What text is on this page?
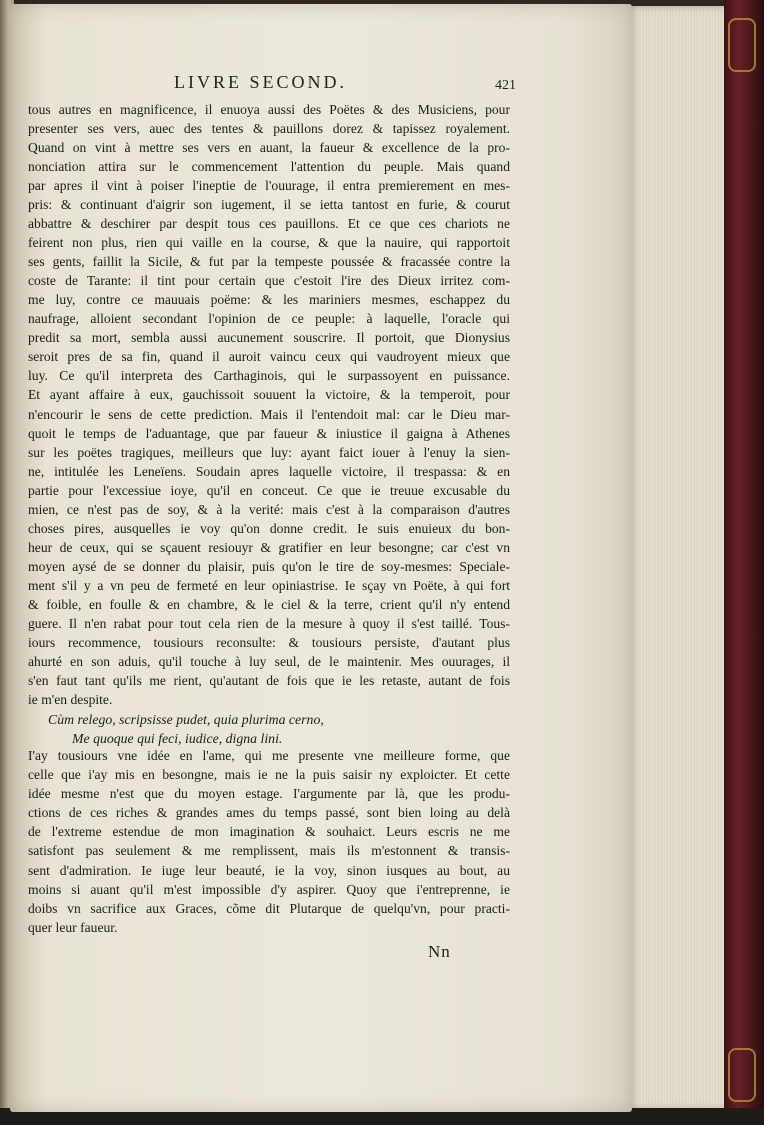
LIVRE SECOND.	421
tous autres en magnificence, il enuoya aussi des Poëtes & des Musiciens, pour
presenter ses vers, auec des tentes & pauillons dorez & tapissez royalement.
Quand on vint à mettre ses vers en auant, la faueur & excellence de la pro-
nonciation attira sur le commencement l'attention du peuple. Mais quand
par apres il vint à poiser l'ineptie de l'ouurage, il entra premierement en mes-
pris: & continuant d'aigrir son iugement, il se ietta tantost en furie, & courut
abbattre & deschirer par despit tous ces pauillons. Et ce que ces chariots ne
feirent non plus, rien qui vaille en la course, & que la nauire, qui rapportoit
ses gents, faillit la Sicile, & fut par la tempeste poussée & fracassée contre la
coste de Tarante: il tint pour certain que c'estoit l'ire des Dieux irritez com-
me luy, contre ce mauuais poëme: & les mariniers mesmes, eschappez du
naufrage, alloient secondant l'opinion de ce peuple: à laquelle, l'oracle qui
predit sa mort, sembla aussi aucunement souscrire. Il portoit, que Dionysius
seroit pres de sa fin, quand il auroit vaincu ceux qui vaudroyent mieux que
luy. Ce qu'il interpreta des Carthaginois, qui le surpassoyent en puissance.
Et ayant affaire à eux, gauchissoit souuent la victoire, & la temperoit, pour
n'encourir le sens de cette prediction. Mais il l'entendoit mal: car le Dieu mar-
quoit le temps de l'aduantage, que par faueur & iniustice il gaigna à Athenes
sur les poëtes tragiques, meilleurs que luy: ayant faict iouer à l'enuy la sien-
ne, intitulée les Leneïens. Soudain apres laquelle victoire, il trespassa: & en
partie pour l'excessiue ioye, qu'il en conceut. Ce que ie treuue excusable du
mien, ce n'est pas de soy, & à la verité: mais c'est à la comparaison d'autres
choses pires, ausquelles ie voy qu'on donne credit. Ie suis enuieux du bon-
heur de ceux, qui se sçauent resiouyr & gratifier en leur besongne; car c'est vn
moyen aysé de se donner du plaisir, puis qu'on le tire de soy-mesmes: Speciale-
ment s'il y a vn peu de fermeté en leur opiniastrise. Ie sçay vn Poëte, à qui fort
& foible, en foulle & en chambre, & le ciel & la terre, crient qu'il n'y entend
guere. Il n'en rabat pour tout cela rien de la mesure à quoy il s'est taillé. Tous-
iours recommence, tousiours reconsulte: & tousiours persiste, d'autant plus
ahurté en son aduis, qu'il touche à luy seul, de le maintenir. Mes ouurages, il
s'en faut tant qu'ils me rient, qu'autant de fois que ie les retaste, autant de fois
ie m'en despite.
Cùm relego, scripsisse pudet, quia plurima cerno,
Me quoque qui feci, iudice, digna lini.
I'ay tousiours vne idée en l'ame, qui me presente vne meilleure forme, que
celle que i'ay mis en besongne, mais ie ne la puis saisir ny exploicter. Et cette
idée mesme n'est que du moyen estage. I'argumente par là, que les produ-
ctions de ces riches & grandes ames du temps passé, sont bien loing au delà
de l'extreme estendue de mon imagination & souhaict. Leurs escris ne me
satisfont pas seulement & me remplissent, mais ils m'estonnent & transis-
sent d'admiration. Ie iuge leur beauté, ie la voy, sinon iusques au bout, au
moins si auant qu'il m'est impossible d'y aspirer. Quoy que i'entreprenne, ie
doibs vn sacrifice aux Graces, cõme dit Plutarque de quelqu'vn, pour practi-
quer leur faueur.
Nn
